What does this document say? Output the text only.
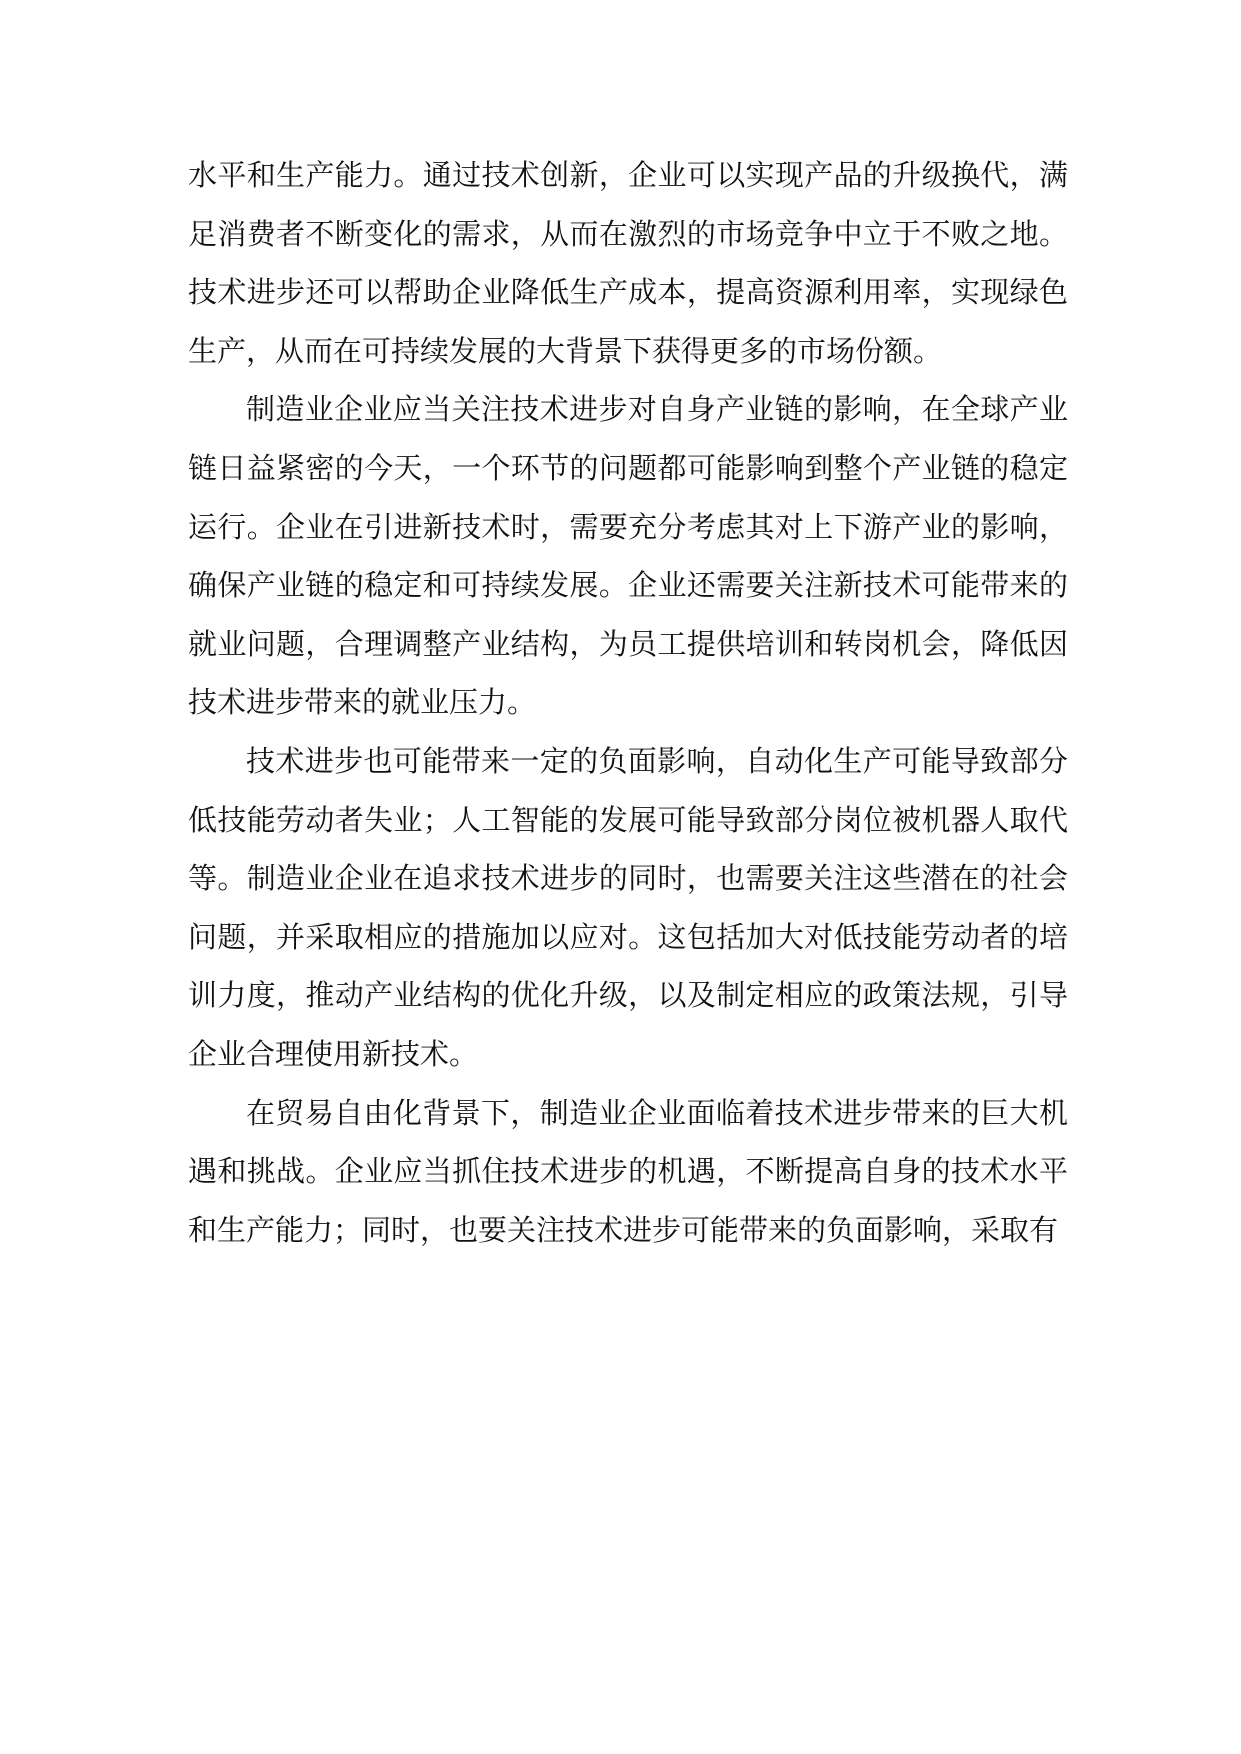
水平和生产能力。通过技术创新，企业可以实现产品的升级换代，满足消费者不断变化的需求，从而在激烈的市场竞争中立于不败之地。技术进步还可以帮助企业降低生产成本，提高资源利用率，实现绿色生产，从而在可持续发展的大背景下获得更多的市场份额。

制造业企业应当关注技术进步对自身产业链的影响，在全球产业链日益紧密的今天，一个环节的问题都可能影响到整个产业链的稳定运行。企业在引进新技术时，需要充分考虑其对上下游产业的影响，确保产业链的稳定和可持续发展。企业还需要关注新技术可能带来的就业问题，合理调整产业结构，为员工提供培训和转岗机会，降低因技术进步带来的就业压力。

技术进步也可能带来一定的负面影响，自动化生产可能导致部分低技能劳动者失业；人工智能的发展可能导致部分岗位被机器人取代等。制造业企业在追求技术进步的同时，也需要关注这些潜在的社会问题，并采取相应的措施加以应对。这包括加大对低技能劳动者的培训力度，推动产业结构的优化升级，以及制定相应的政策法规，引导企业合理使用新技术。

在贸易自由化背景下，制造业企业面临着技术进步带来的巨大机遇和挑战。企业应当抓住技术进步的机遇，不断提高自身的技术水平和生产能力；同时，也要关注技术进步可能带来的负面影响，采取有
